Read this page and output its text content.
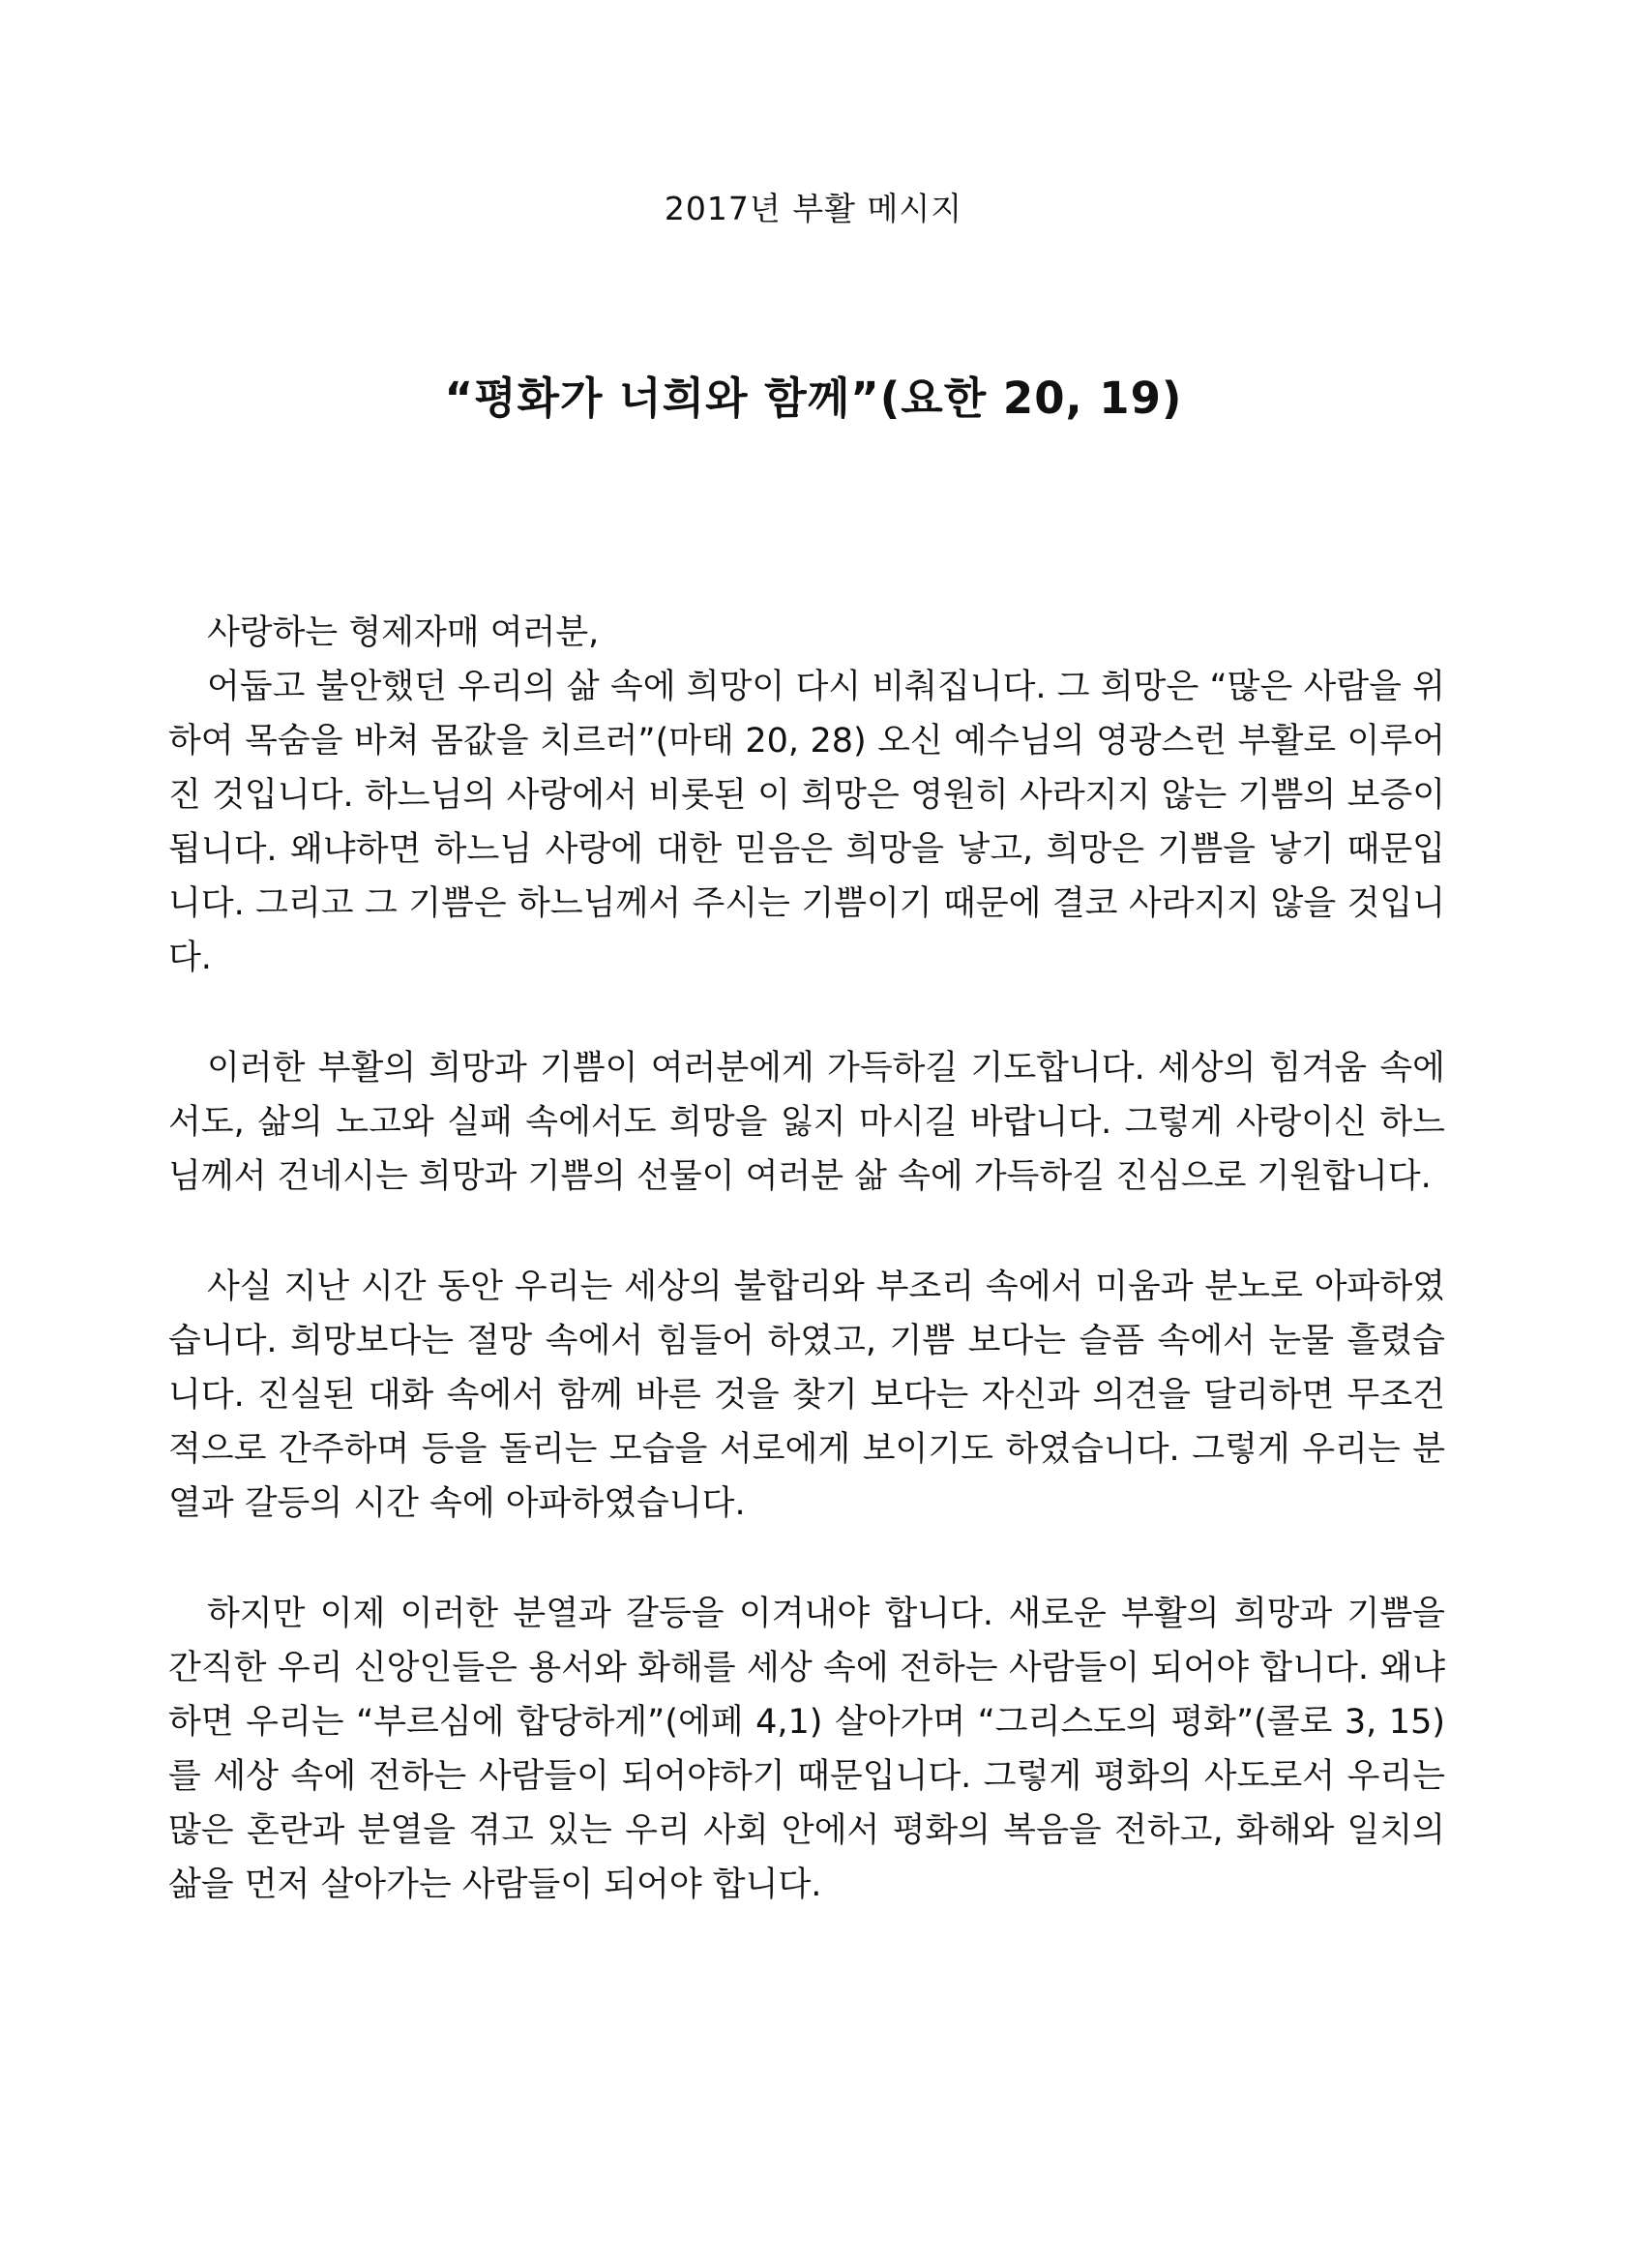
2017년 부활 메시지
“평화가 너희와 함께”(요한 20, 19)

사랑하는 형제자매 여러분,

어둡고 불안했던 우리의 삶 속에 희망이 다시 비춰집니다. 그 희망은 “많은 사람을 위하여 목숨을 바쳐 몸값을 치르러”(마태 20, 28) 오신 예수님의 영광스런 부활로 이루어진 것입니다. 하느님의 사랑에서 비롯된 이 희망은 영원히 사라지지 않는 기쁨의 보증이 됩니다. 왜냐하면 하느님 사랑에 대한 믿음은 희망을 낳고, 희망은 기쁨을 낳기 때문입니다. 그리고 그 기쁨은 하느님께서 주시는 기쁨이기 때문에 결코 사라지지 않을 것입니다.

이러한 부활의 희망과 기쁨이 여러분에게 가득하길 기도합니다. 세상의 힘겨움 속에서도, 삶의 노고와 실패 속에서도 희망을 잃지 마시길 바랍니다. 그렇게 사랑이신 하느님께서 건네시는 희망과 기쁨의 선물이 여러분 삶 속에 가득하길 진심으로 기원합니다.

사실 지난 시간 동안 우리는 세상의 불합리와 부조리 속에서 미움과 분노로 아파하였습니다. 희망보다는 절망 속에서 힘들어 하였고, 기쁨 보다는 슬픔 속에서 눈물 흘렸습니다. 진실된 대화 속에서 함께 바른 것을 찾기 보다는 자신과 의견을 달리하면 무조건 적으로 간주하며 등을 돌리는 모습을 서로에게 보이기도 하였습니다. 그렇게 우리는 분열과 갈등의 시간 속에 아파하였습니다.

하지만 이제 이러한 분열과 갈등을 이겨내야 합니다. 새로운 부활의 희망과 기쁨을 간직한 우리 신앙인들은 용서와 화해를 세상 속에 전하는 사람들이 되어야 합니다. 왜냐하면 우리는 “부르심에 합당하게”(에페 4,1) 살아가며 “그리스도의 평화”(콜로 3, 15)를 세상 속에 전하는 사람들이 되어야하기 때문입니다. 그렇게 평화의 사도로서 우리는 많은 혼란과 분열을 겪고 있는 우리 사회 안에서 평화의 복음을 전하고, 화해와 일치의 삶을 먼저 살아가는 사람들이 되어야 합니다.
